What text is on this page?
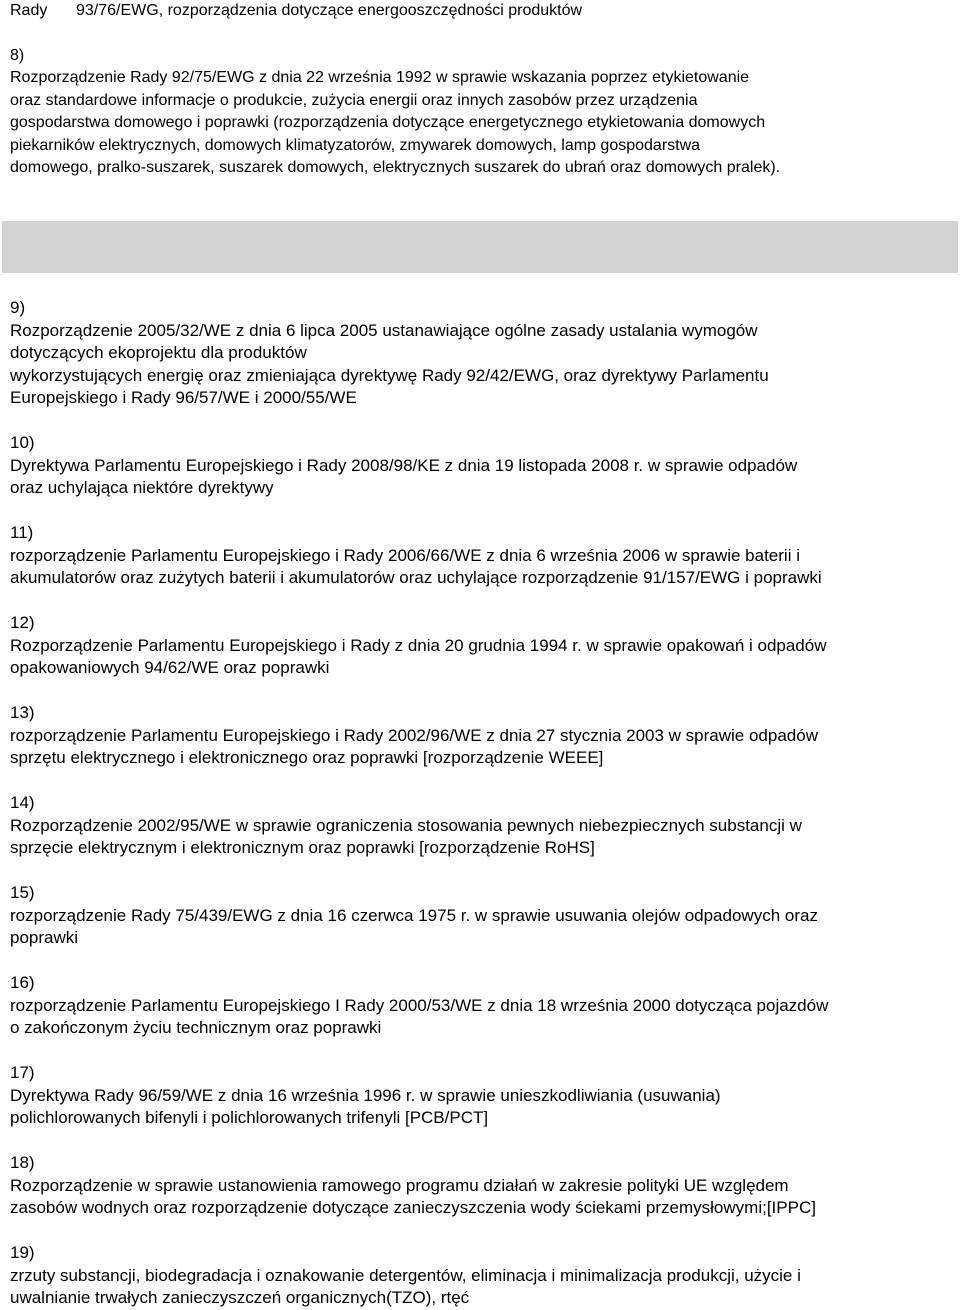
Rady 93/76/EWG, rozporządzenia dotyczące energooszczędności produktów

8)

Rozporządzenie Rady 92/75/EWG z dnia 22 września 1992 w sprawie wskazania poprzez etykietowanie

oraz standardowe informacje o produkcie, zużycia energii oraz innych zasobów przez urządzenia

gospodarstwa domowego i poprawki (rozporządzenia dotyczące energetycznego etykietowania domowych

piekarników elektrycznych, domowych klimatyzatorów, zmywarek domowych, lamp gospodarstwa

domowego, pralko-suszarek, suszarek domowych, elektrycznych suszarek do ubrań oraz domowych pralek).

9)
Rozporządzenie 2005/32/WE z dnia 6 lipca 2005 ustanawiające ogólne zasady ustalania wymogów
dotyczących ekoprojektu dla produktów
wykorzystujących energię oraz zmieniająca dyrektywę Rady 92/42/EWG, oraz dyrektywy Parlamentu
Europejskiego i Rady 96/57/WE i 2000/55/WE
10)
Dyrektywa Parlamentu Europejskiego i Rady 2008/98/KE z dnia 19 listopada 2008 r. w sprawie odpadów
oraz uchylająca niektóre dyrektywy
11)
rozporządzenie Parlamentu Europejskiego i Rady 2006/66/WE z dnia 6 września 2006 w sprawie baterii i
akumulatorów oraz zużytych baterii i akumulatorów oraz uchylające rozporządzenie 91/157/EWG i poprawki
12)
Rozporządzenie Parlamentu Europejskiego i Rady z dnia 20 grudnia 1994 r. w sprawie opakowań i odpadów
opakowaniowych 94/62/WE oraz poprawki
13)
rozporządzenie Parlamentu Europejskiego i Rady 2002/96/WE z dnia 27 stycznia 2003 w sprawie odpadów
sprzętu elektrycznego i elektronicznego oraz poprawki [rozporządzenie WEEE]
14)
Rozporządzenie 2002/95/WE w sprawie ograniczenia stosowania pewnych niebezpiecznych substancji w
sprzęcie elektrycznym i elektronicznym oraz poprawki [rozporządzenie RoHS]
15)
rozporządzenie Rady 75/439/EWG z dnia 16 czerwca 1975 r. w sprawie usuwania olejów odpadowych oraz
poprawki
16)
rozporządzenie Parlamentu Europejskiego I Rady 2000/53/WE z dnia 18 września 2000 dotycząca pojazdów
o zakończonym życiu technicznym oraz poprawki
17)
Dyrektywa Rady 96/59/WE z dnia 16 września 1996 r. w sprawie unieszkodliwiania (usuwania)
polichlorowanych bifenyli i polichlorowanych trifenyli [PCB/PCT]
18)
Rozporządzenie w sprawie ustanowienia ramowego programu działań w zakresie polityki UE względem
zasobów wodnych oraz rozporządzenie dotyczące zanieczyszczenia wody ściekami przemysłowymi;[IPPC]
19)
zrzuty substancji, biodegradacja i oznakowanie detergentów, eliminacja i minimalizacja produkcji, użycie i
uwalnianie trwałych zanieczyszczeń organicznych(TZO), rtęć
